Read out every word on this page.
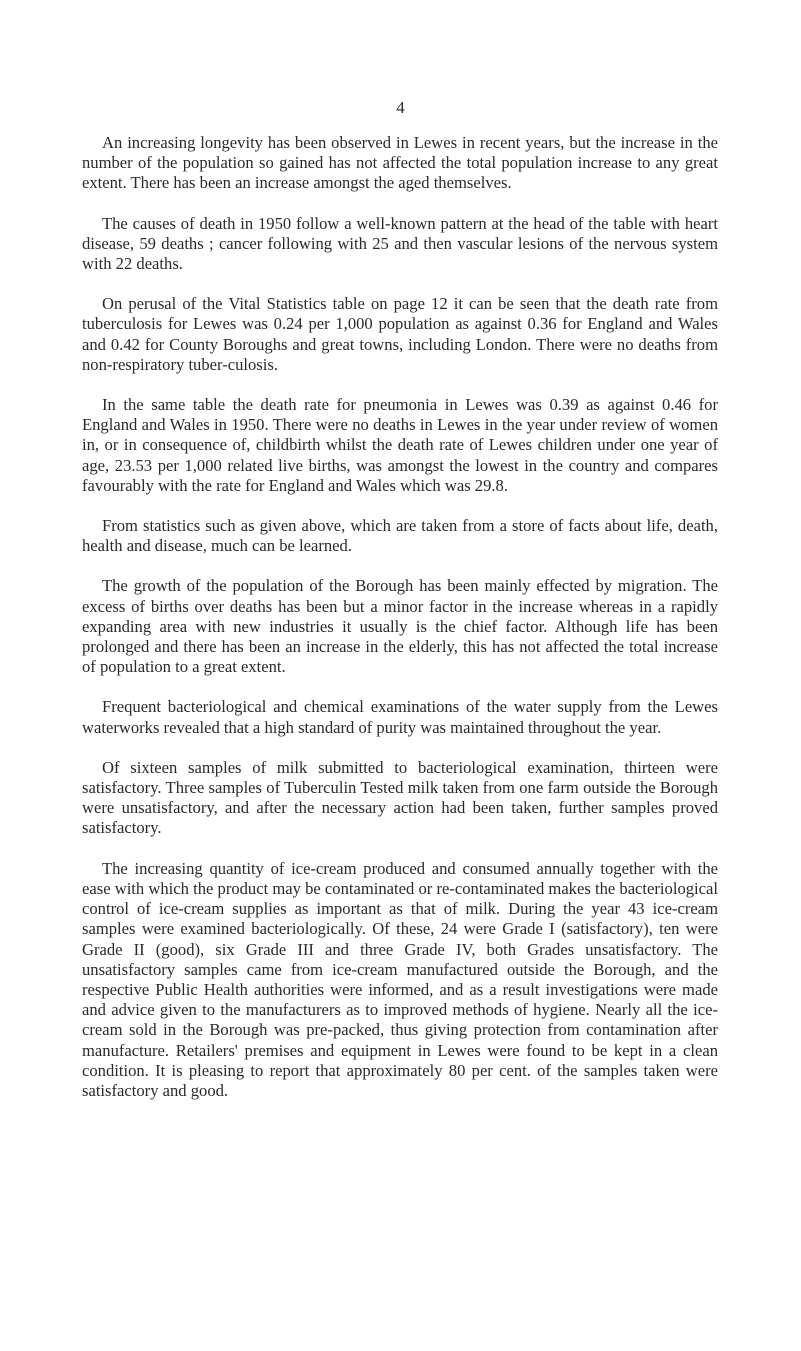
4

An increasing longevity has been observed in Lewes in recent years, but the increase in the number of the population so gained has not affected the total population increase to any great extent. There has been an increase amongst the aged themselves.

The causes of death in 1950 follow a well-known pattern at the head of the table with heart disease, 59 deaths ; cancer following with 25 and then vascular lesions of the nervous system with 22 deaths.

On perusal of the Vital Statistics table on page 12 it can be seen that the death rate from tuberculosis for Lewes was 0.24 per 1,000 population as against 0.36 for England and Wales and 0.42 for County Boroughs and great towns, including London. There were no deaths from non-respiratory tuber-culosis.

In the same table the death rate for pneumonia in Lewes was 0.39 as against 0.46 for England and Wales in 1950. There were no deaths in Lewes in the year under review of women in, or in consequence of, childbirth whilst the death rate of Lewes children under one year of age, 23.53 per 1,000 related live births, was amongst the lowest in the country and compares favourably with the rate for England and Wales which was 29.8.

From statistics such as given above, which are taken from a store of facts about life, death, health and disease, much can be learned.

The growth of the population of the Borough has been mainly effected by migration. The excess of births over deaths has been but a minor factor in the increase whereas in a rapidly expanding area with new industries it usually is the chief factor. Although life has been prolonged and there has been an increase in the elderly, this has not affected the total increase of population to a great extent.

Frequent bacteriological and chemical examinations of the water supply from the Lewes waterworks revealed that a high standard of purity was maintained throughout the year.

Of sixteen samples of milk submitted to bacteriological examination, thirteen were satisfactory. Three samples of Tuberculin Tested milk taken from one farm outside the Borough were unsatisfactory, and after the necessary action had been taken, further samples proved satisfactory.

The increasing quantity of ice-cream produced and consumed annually together with the ease with which the product may be contaminated or re-contaminated makes the bacteriological control of ice-cream supplies as important as that of milk. During the year 43 ice-cream samples were examined bacteriologically. Of these, 24 were Grade I (satisfactory), ten were Grade II (good), six Grade III and three Grade IV, both Grades unsatisfactory. The unsatisfactory samples came from ice-cream manufactured outside the Borough, and the respective Public Health authorities were informed, and as a result investigations were made and advice given to the manufacturers as to improved methods of hygiene. Nearly all the ice-cream sold in the Borough was pre-packed, thus giving protection from contamination after manufacture. Retailers' premises and equipment in Lewes were found to be kept in a clean condition. It is pleasing to report that approximately 80 per cent. of the samples taken were satisfactory and good.
